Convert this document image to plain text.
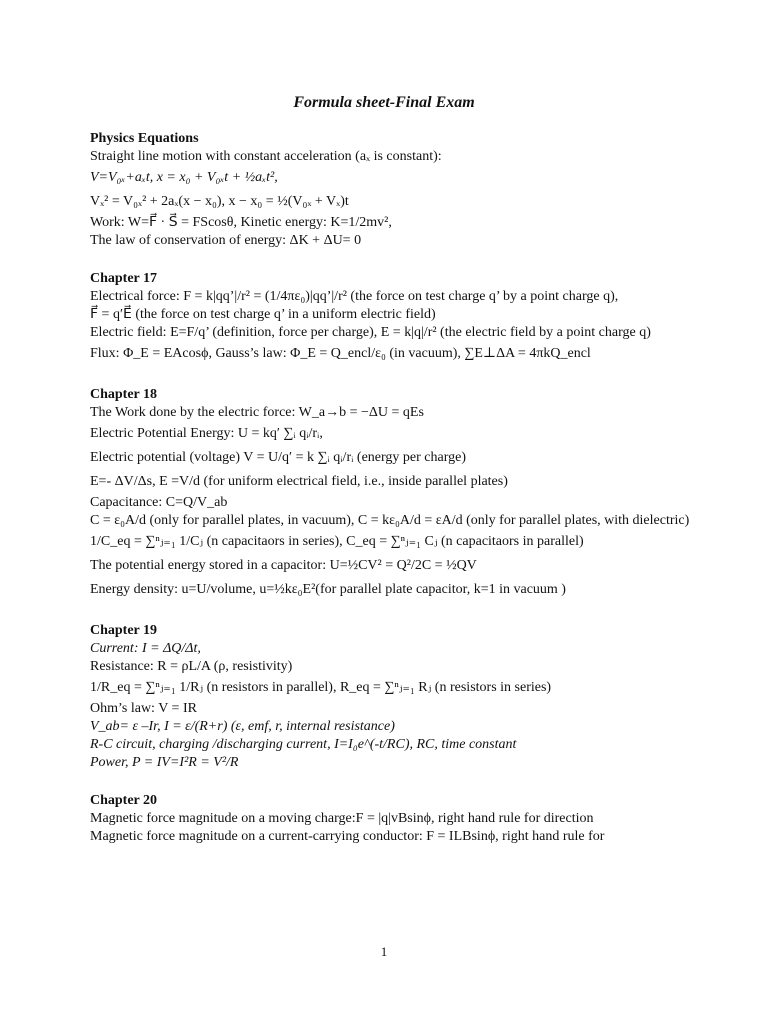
Formula sheet-Final Exam

Physics Equations

Straight line motion with constant acceleration (aₓ is constant):

V=V₀ₓ+aₓt, x = x₀ + V₀ₓt + ½aₓt²,

Vₓ² = V₀ₓ² + 2aₓ(x − x₀), x − x₀ = ½(V₀ₓ + Vₓ)t

Work: W=F⃗ · S⃗ = FScosθ, Kinetic energy: K=1/2mv²,

The law of conservation of energy: ΔK + ΔU= 0

Chapter 17

Electrical force: F = k|qq’|/r² = (1/4πε₀)|qq’|/r² (the force on test charge q’ by a point charge q),

F⃗ = q′E⃗ (the force on test charge q’ in a uniform electric field)

Electric field: E=F/q’ (definition, force per charge), E = k|q|/r² (the electric field by a point charge q)

Flux: Φ_E = EAcosϕ, Gauss’s law: Φ_E = Q_encl/ε₀ (in vacuum), ∑E⊥ΔA = 4πkQ_encl

Chapter 18

The Work done by the electric force: W_a→b = −ΔU = qEs

Electric Potential Energy: U = kq′ ∑ᵢ qᵢ/rᵢ,

Electric potential (voltage) V = U/q′ = k ∑ᵢ qᵢ/rᵢ (energy per charge)

E=- ΔV/Δs, E =V/d (for uniform electrical field, i.e., inside parallel plates)

Capacitance: C=Q/V_ab

C = ε₀A/d (only for parallel plates, in vacuum), C = kε₀A/d = εA/d (only for parallel plates, with dielectric)

1/C_eq = ∑ⁿⱼ₌₁ 1/Cⱼ (n capacitaors in series), C_eq = ∑ⁿⱼ₌₁ Cⱼ (n capacitaors in parallel)

The potential energy stored in a capacitor: U=½CV² = Q²/2C = ½QV

Energy density: u=U/volume, u=½kε₀E²(for parallel plate capacitor, k=1 in vacuum )

Chapter 19

Current: I = ΔQ/Δt,

Resistance: R = ρL/A (ρ, resistivity)

1/R_eq = ∑ⁿⱼ₌₁ 1/Rⱼ (n resistors in parallel), R_eq = ∑ⁿⱼ₌₁ Rⱼ (n resistors in series)

Ohm’s law: V = IR

V_ab= ε –Ir, I = ε/(R+r) (ε, emf, r, internal resistance)

R-C circuit, charging /discharging current, I=I₀e^(-t/RC), RC, time constant

Power, P = IV=I²R = V²/R

Chapter 20

Magnetic force magnitude on a moving charge:F = |q|vBsinϕ, right hand rule for direction

Magnetic force magnitude on a current-carrying conductor: F = ILBsinϕ, right hand rule for

1
